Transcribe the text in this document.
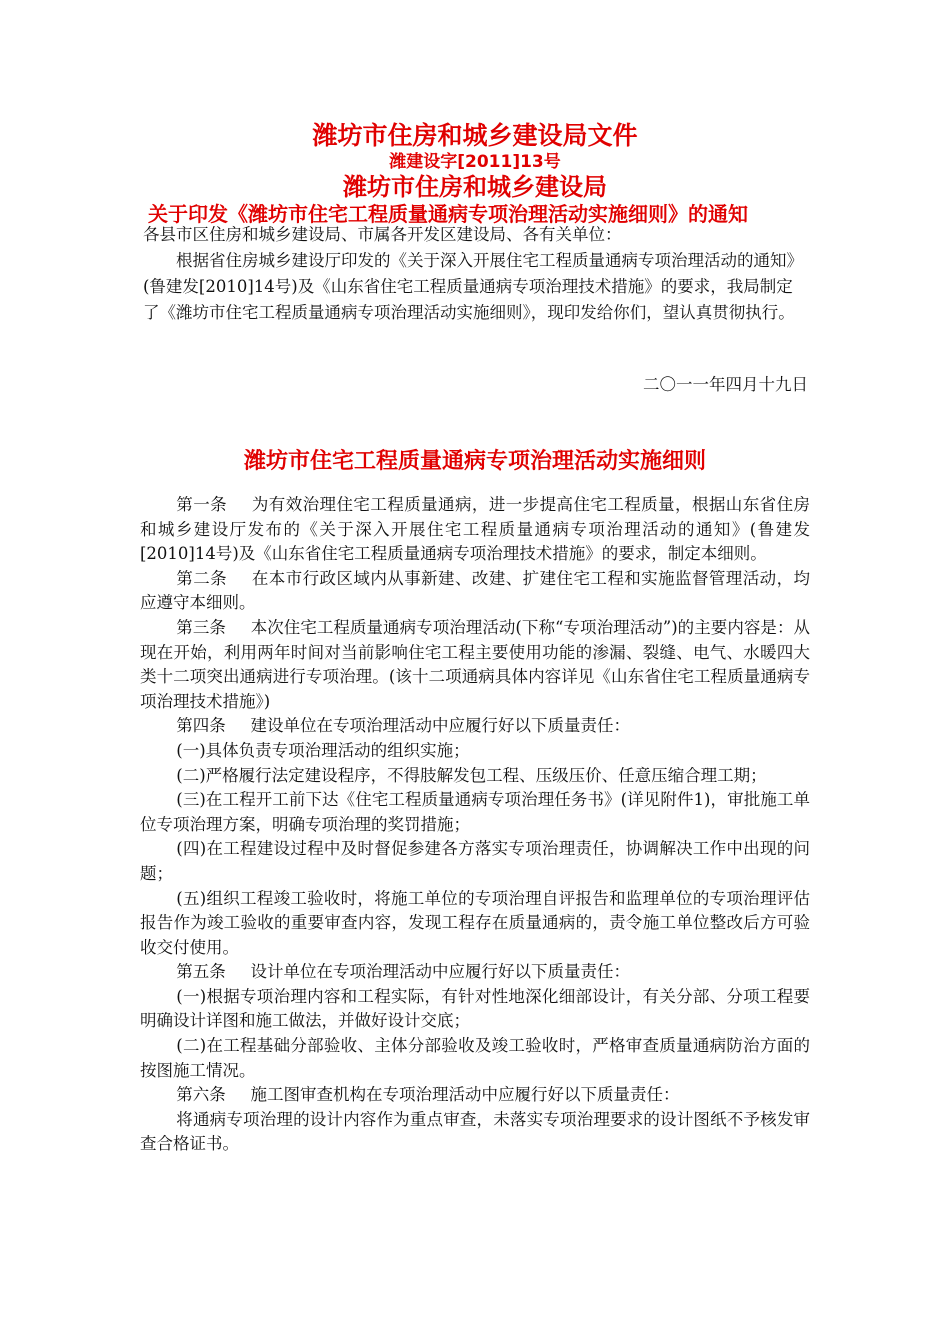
潍坊市住房和城乡建设局文件
潍建设字[2011]13号
潍坊市住房和城乡建设局
关于印发《潍坊市住宅工程质量通病专项治理活动实施细则》的通知

各县市区住房和城乡建设局、市属各开发区建设局、各有关单位：

根据省住房城乡建设厅印发的《关于深入开展住宅工程质量通病专项治理活动的通知》(鲁建发[2010]14号)及《山东省住宅工程质量通病专项治理技术措施》的要求，我局制定了《潍坊市住宅工程质量通病专项治理活动实施细则》，现印发给你们，望认真贯彻执行。

二〇一一年四月十九日
潍坊市住宅工程质量通病专项治理活动实施细则

第一条 为有效治理住宅工程质量通病，进一步提高住宅工程质量，根据山东省住房和城乡建设厅发布的《关于深入开展住宅工程质量通病专项治理活动的通知》(鲁建发[2010]14号)及《山东省住宅工程质量通病专项治理技术措施》的要求，制定本细则。

第二条 在本市行政区域内从事新建、改建、扩建住宅工程和实施监督管理活动，均应遵守本细则。

第三条 本次住宅工程质量通病专项治理活动(下称“专项治理活动”)的主要内容是：从现在开始，利用两年时间对当前影响住宅工程主要使用功能的渗漏、裂缝、电气、水暖四大类十二项突出通病进行专项治理。(该十二项通病具体内容详见《山东省住宅工程质量通病专项治理技术措施》)

第四条 建设单位在专项治理活动中应履行好以下质量责任：

(一)具体负责专项治理活动的组织实施；

(二)严格履行法定建设程序，不得肢解发包工程、压级压价、任意压缩合理工期；

(三)在工程开工前下达《住宅工程质量通病专项治理任务书》(详见附件1)，审批施工单位专项治理方案，明确专项治理的奖罚措施；

(四)在工程建设过程中及时督促参建各方落实专项治理责任，协调解决工作中出现的问题；

(五)组织工程竣工验收时，将施工单位的专项治理自评报告和监理单位的专项治理评估报告作为竣工验收的重要审查内容，发现工程存在质量通病的，责令施工单位整改后方可验收交付使用。

第五条 设计单位在专项治理活动中应履行好以下质量责任：

(一)根据专项治理内容和工程实际，有针对性地深化细部设计，有关分部、分项工程要明确设计详图和施工做法，并做好设计交底；

(二)在工程基础分部验收、主体分部验收及竣工验收时，严格审查质量通病防治方面的按图施工情况。

第六条 施工图审查机构在专项治理活动中应履行好以下质量责任：

将通病专项治理的设计内容作为重点审查，未落实专项治理要求的设计图纸不予核发审查合格证书。
